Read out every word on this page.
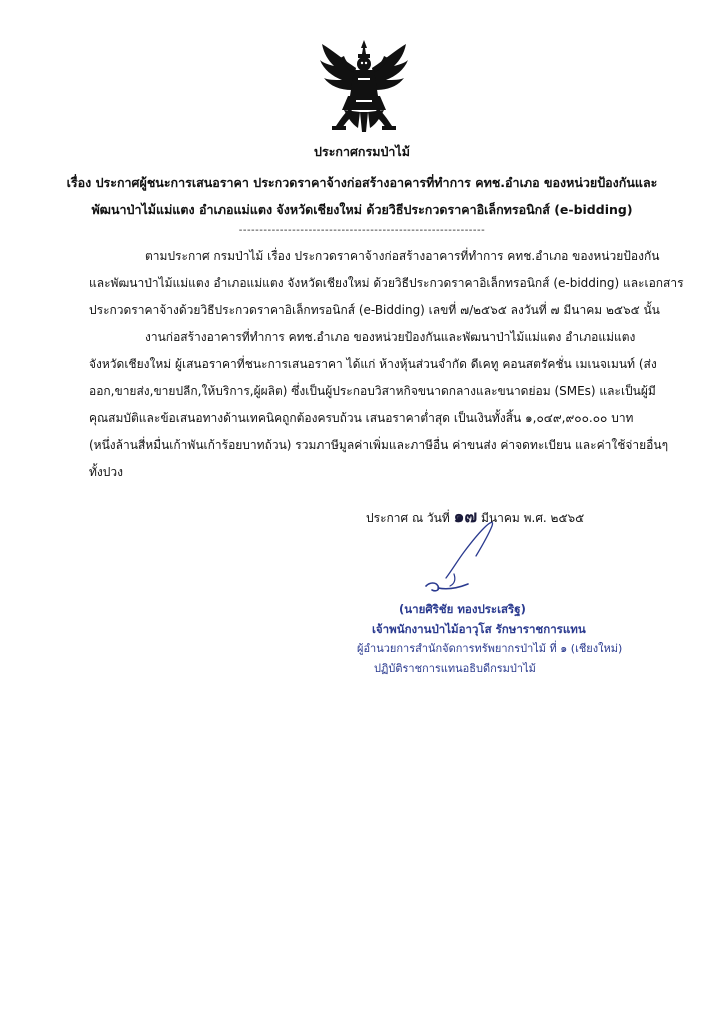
ประกาศกรมป่าไม้
เรื่อง ประกาศผู้ชนะการเสนอราคา ประกวดราคาจ้างก่อสร้างอาคารที่ทำการ คทช.อำเภอ ของหน่วยป้องกันและ
พัฒนาป่าไม้แม่แตง อำเภอแม่แตง จังหวัดเชียงใหม่ ด้วยวิธีประกวดราคาอิเล็กทรอนิกส์ (e-bidding)
------------------------------------------------------------
ตามประกาศ กรมป่าไม้ เรื่อง ประกวดราคาจ้างก่อสร้างอาคารที่ทำการ คทช.อำเภอ ของหน่วยป้องกัน
และพัฒนาป่าไม้แม่แตง อำเภอแม่แตง จังหวัดเชียงใหม่ ด้วยวิธีประกวดราคาอิเล็กทรอนิกส์ (e-bidding) และเอกสาร
ประกวดราคาจ้างด้วยวิธีประกวดราคาอิเล็กทรอนิกส์ (e-Bidding) เลขที่ ๗/๒๕๖๕ ลงวันที่ ๗ มีนาคม ๒๕๖๕ นั้น
งานก่อสร้างอาคารที่ทำการ คทช.อำเภอ ของหน่วยป้องกันและพัฒนาป่าไม้แม่แตง อำเภอแม่แตง
จังหวัดเชียงใหม่ ผู้เสนอราคาที่ชนะการเสนอราคา ได้แก่ ห้างหุ้นส่วนจำกัด ดีเคทู คอนสตรัคชั่น เมเนจเมนท์ (ส่ง
ออก,ขายส่ง,ขายปลีก,ให้บริการ,ผู้ผลิต) ซึ่งเป็นผู้ประกอบวิสาหกิจขนาดกลางและขนาดย่อม (SMEs) และเป็นผู้มี
คุณสมบัติและข้อเสนอทางด้านเทคนิคถูกต้องครบถ้วน เสนอราคาต่ำสุด เป็นเงินทั้งสิ้น ๑,๐๔๙,๙๐๐.๐๐ บาท
(หนึ่งล้านสี่หมื่นเก้าพันเก้าร้อยบาทถ้วน) รวมภาษีมูลค่าเพิ่มและภาษีอื่น ค่าขนส่ง ค่าจดทะเบียน และค่าใช้จ่ายอื่นๆ
ทั้งปวง
ประกาศ ณ วันที่ ๑๗ มีนาคม พ.ศ. ๒๕๖๕
(นายศิริชัย ทองประเสริฐ)
เจ้าพนักงานป่าไม้อาวุโส รักษาราชการแทน
ผู้อำนวยการสำนักจัดการทรัพยากรป่าไม้ ที่ ๑ (เชียงใหม่)
ปฏิบัติราชการแทนอธิบดีกรมป่าไม้
